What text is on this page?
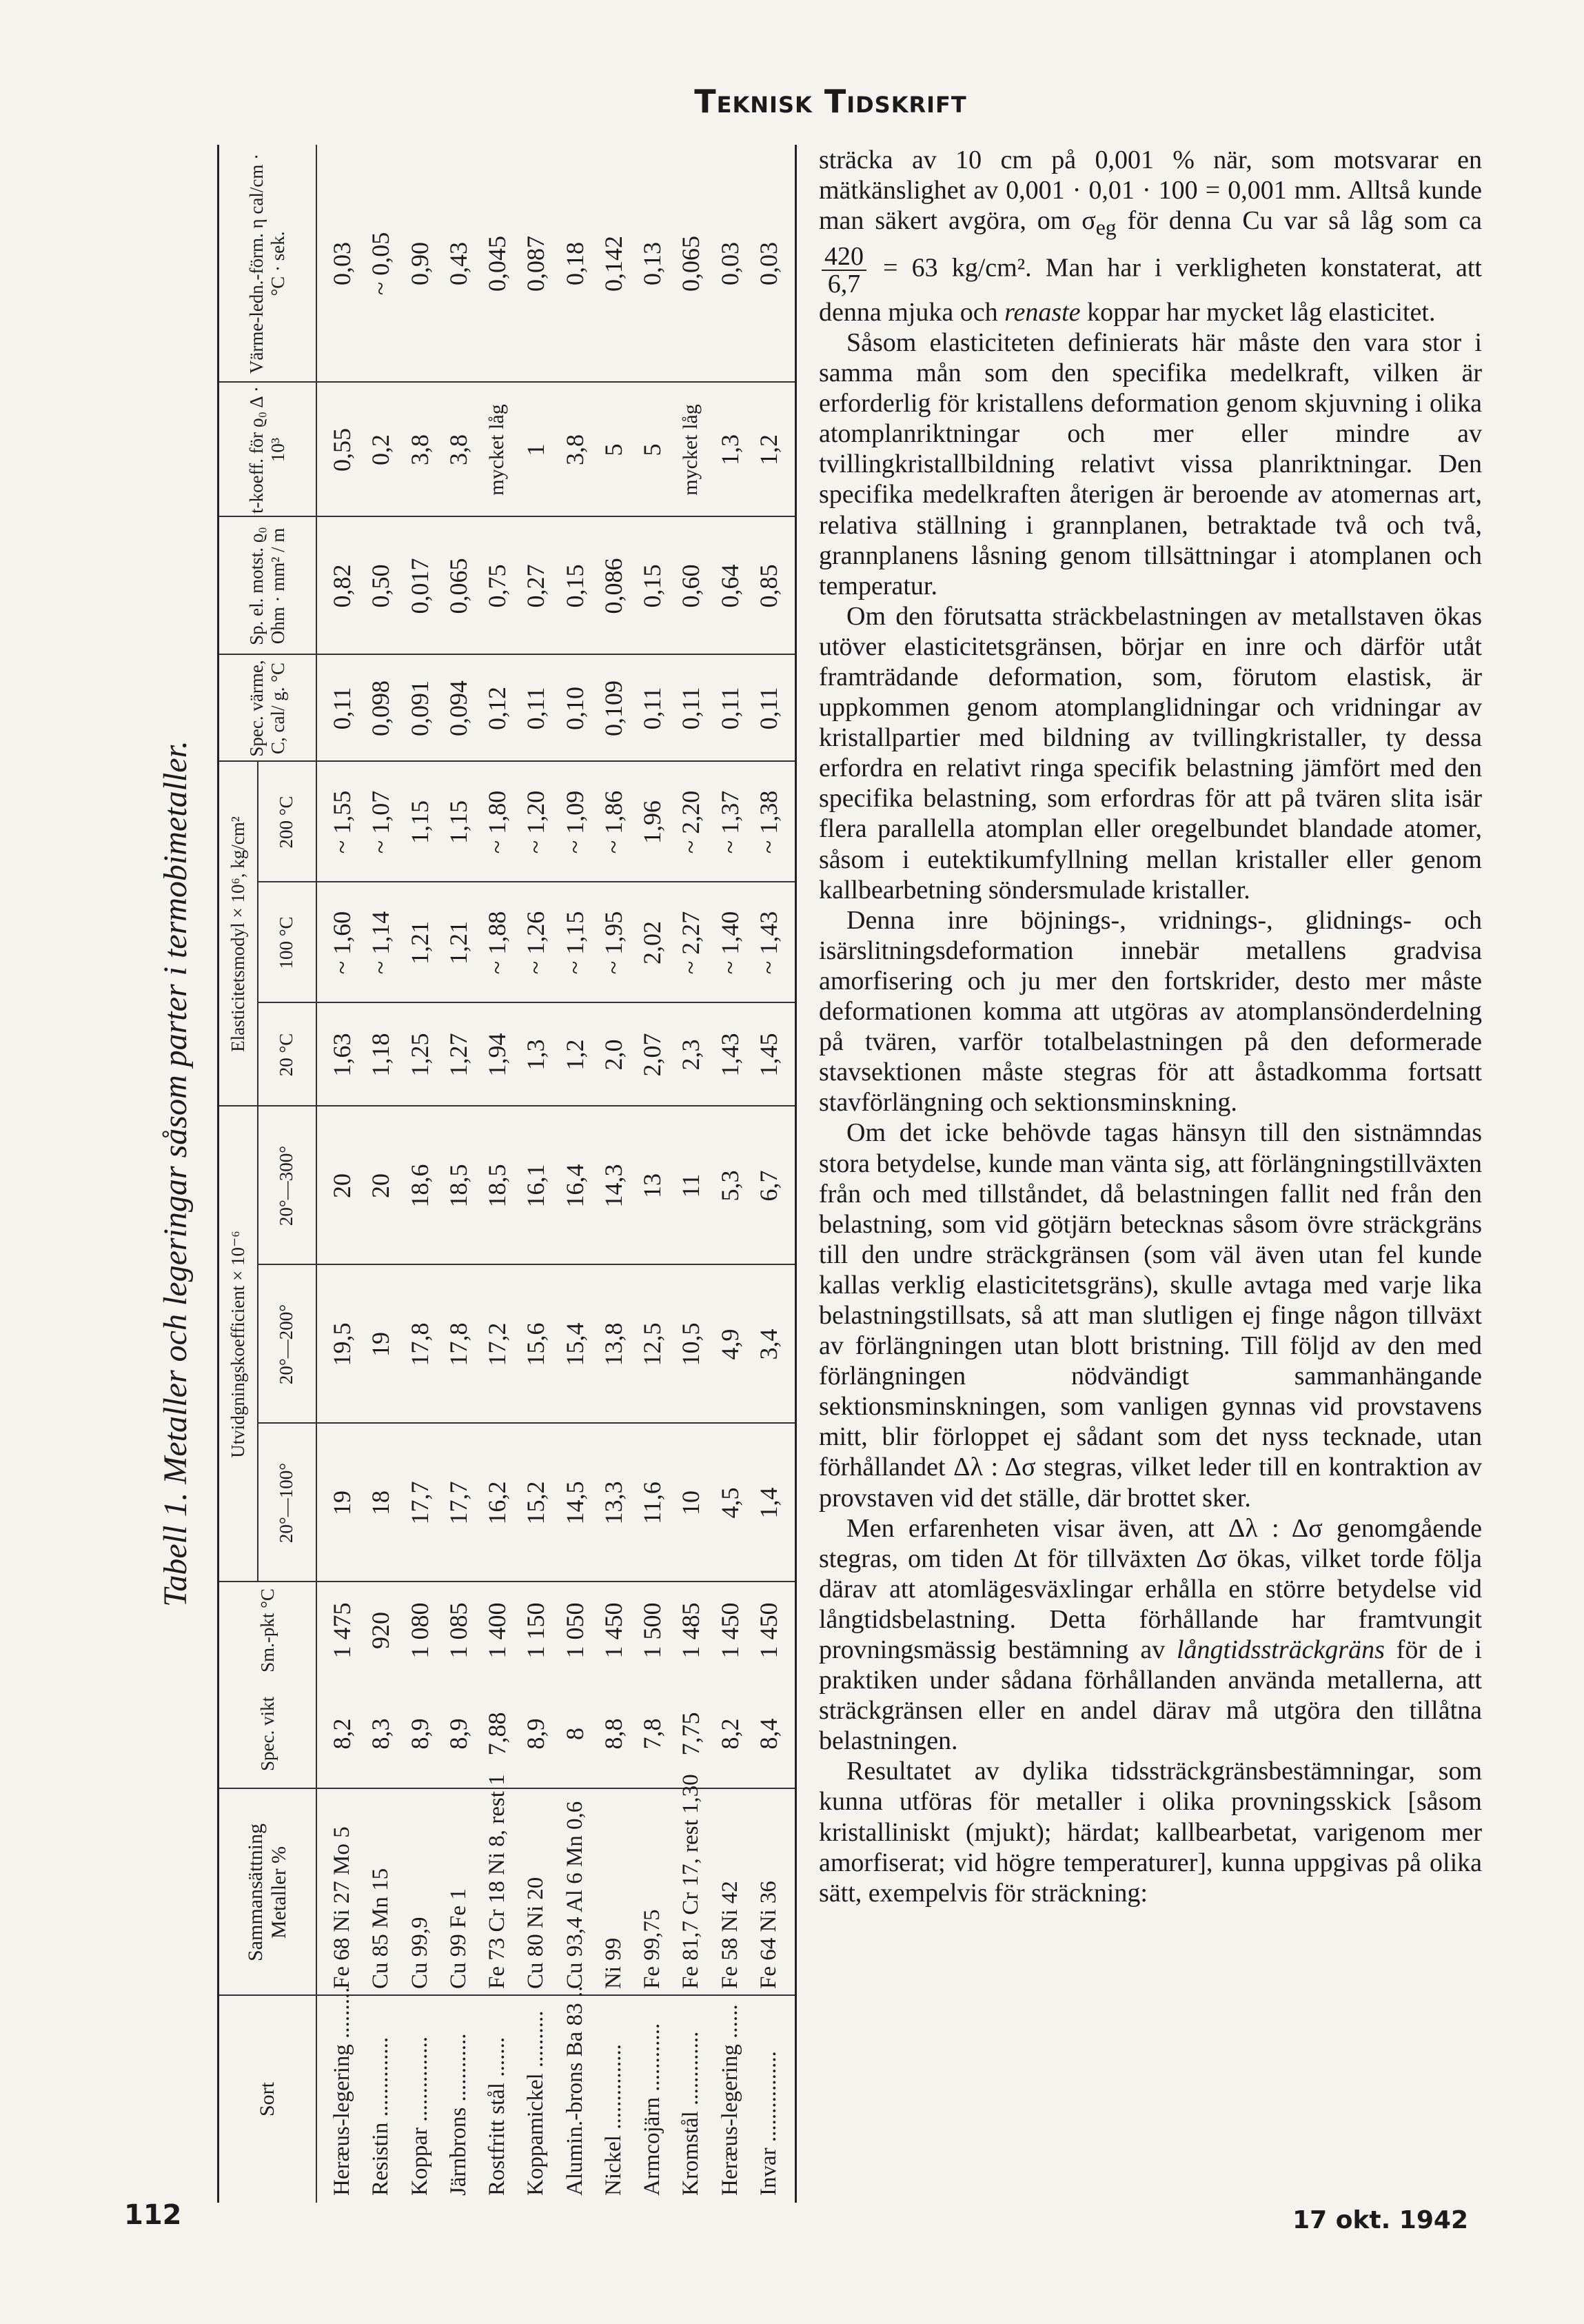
Teknisk Tidskrift
Tabell 1. Metaller och legeringar såsom parter i termobimetaller.
Sort
Sammansättning Metaller %
Spec. vikt
Sm.-pkt °C
Utvidgningskoefficient × 10⁻⁶
20°—100°
20°—200°
20°—300°
Elasticitetsmodyl × 10⁶, kg/cm²
20 °C
100 °C
200 °C
Spec. värme, C, cal/ g. °C
Sp. el. motst. ϱ₀ Ohm · mm² / m
t-koeff. för ϱ₀ Δ · 10³
Värme-ledn.-förm. η cal/cm · °C · sek.
Heræus-legering .........
Fe 68 Ni 27 Mo 5
8,2
1 475
19
19,5
20
1,63
~ 1,60
~ 1,55
0,11
0,82
0,55
0,03
Resistin ..............
Cu 85 Mn 15
8,3
920
18
19
20
1,18
~ 1,14
~ 1,07
0,098
0,50
0,2
~ 0,05
Koppar ...............
Cu 99,9
8,9
1 080
17,7
17,8
18,6
1,25
1,21
1,15
0,091
0,017
3,8
0,90
Järnbrons ............
Cu 99 Fe 1
8,9
1 085
17,7
17,8
18,5
1,27
1,21
1,15
0,094
0,065
3,8
0,43
Rostfritt stål .......
Fe 73 Cr 18 Ni 8, rest 1
7,88
1 400
16,2
17,2
18,5
1,94
~ 1,88
~ 1,80
0,12
0,75
mycket låg
0,045
Koppamickel ..........
Cu 80 Ni 20
8,9
1 150
15,2
15,6
16,1
1,3
~ 1,26
~ 1,20
0,11
0,27
1
0,087
Alumin.-brons Ba 83 ..
Cu 93,4 Al 6 Mn 0,6
8
1 050
14,5
15,4
16,4
1,2
~ 1,15
~ 1,09
0,10
0,15
3,8
0,18
Nickel ...............
Ni 99
8,8
1 450
13,3
13,8
14,3
2,0
~ 1,95
~ 1,86
0,109
0,086
5
0,142
Armcojärn ............
Fe 99,75
7,8
1 500
11,6
12,5
13
2,07
2,02
1,96
0,11
0,15
5
0,13
Kromstål .............
Fe 81,7 Cr 17, rest 1,30
7,75
1 485
10
10,5
11
2,3
~ 2,27
~ 2,20
0,11
0,60
mycket låg
0,065
Heræus-legering ......
Fe 58 Ni 42
8,2
1 450
4,5
4,9
5,3
1,43
~ 1,40
~ 1,37
0,11
0,64
1,3
0,03
Invar ................
Fe 64 Ni 36
8,4
1 450
1,4
3,4
6,7
1,45
~ 1,43
~ 1,38
0,11
0,85
1,2
0,03

sträcka av 10 cm på 0,001 % när, som motsvarar en mätkänslighet av 0,001 · 0,01 · 100 = 0,001 mm. Alltså kunde man säkert avgöra, om $\sigma_{eg}$ för denna Cu var så låg som ca
$\frac{420}{6,7} = 63$ kg/cm². Man har i verkligheten konstaterat, att denna mjuka och renaste koppar har mycket låg elasticitet.

Såsom elasticiteten definierats här måste den vara stor i samma mån som den specifika medelkraft, vilken är erforderlig för kristallens deformation genom skjuvning i olika atomplanriktningar och mer eller mindre av tvillingkristallbildning relativt vissa planriktningar. Den specifika medelkraften återigen är beroende av atomernas art, relativa ställning i grannplanen, betraktade två och två, grannplanens låsning genom tillsättningar i atomplanen och temperatur.

Om den förutsatta sträckbelastningen av metallstaven ökas utöver elasticitetsgränsen, börjar en inre och därför utåt framträdande deformation, som, förutom elastisk, är uppkommen genom atomplanglidningar och vridningar av kristallpartier med bildning av tvillingkristaller, ty dessa erfordra en relativt ringa specifik belastning jämfört med den specifika belastning, som erfordras för att på tvären slita isär flera parallella atomplan eller oregelbundet blandade atomer, såsom i eutektikumfyllning mellan kristaller eller genom kallbearbetning söndersmulade kristaller.

Denna inre böjnings-, vridnings-, glidnings- och isärslitningsdeformation innebär metallens gradvisa amorfisering och ju mer den fortskrider, desto mer måste deformationen komma att utgöras av atomplansönderdelning på tvären, varför totalbelastningen på den deformerade stavsektionen måste stegras för att åstadkomma fortsatt stavförlängning och sektionsminskning.

Om det icke behövde tagas hänsyn till den sistnämndas stora betydelse, kunde man vänta sig, att förlängningstillväxten från och med tillståndet, då belastningen fallit ned från den belastning, som vid götjärn betecknas såsom övre sträckgräns till den undre sträckgränsen (som väl även utan fel kunde kallas verklig elasticitetsgräns), skulle avtaga med varje lika belastningstillsats, så att man slutligen ej finge någon tillväxt av förlängningen utan blott bristning. Till följd av den med förlängningen nödvändigt sammanhängande sektionsminskningen, som vanligen gynnas vid provstavens mitt, blir förloppet ej sådant som det nyss tecknade, utan förhållandet Δλ : Δσ stegras, vilket leder till en kontraktion av provstaven vid det ställe, där brottet sker.

Men erfarenheten visar även, att Δλ : Δσ genomgående stegras, om tiden Δt för tillväxten Δσ ökas, vilket torde följa därav att atomlägesväxlingar erhålla en större betydelse vid långtidsbelastning. Detta förhållande har framtvungit provningsmässig bestämning av långtidssträckgräns för de i praktiken under sådana förhållanden använda metallerna, att sträckgränsen eller en andel därav må utgöra den tillåtna belastningen.

Resultatet av dylika tidssträckgränsbestämningar, som kunna utföras för metaller i olika provningsskick [såsom kristalliniskt (mjukt); härdat; kallbearbetat, varigenom mer amorfiserat; vid högre temperaturer], kunna uppgivas på olika sätt, exempelvis för sträckning:

112	17 okt. 1942
